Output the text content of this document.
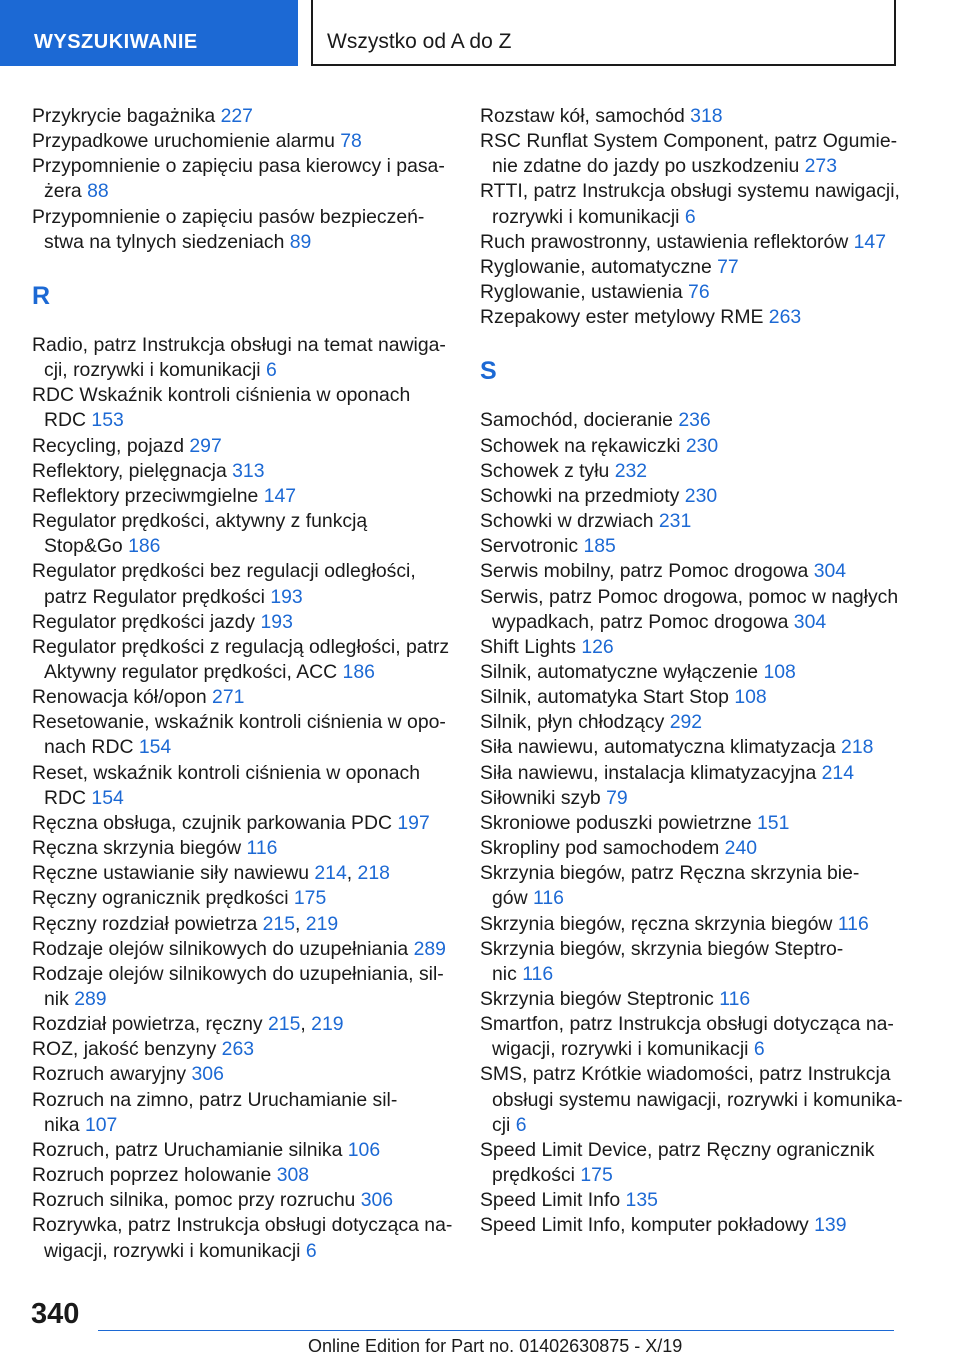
WYSZUKIWANIE	Wszystko od A do Z
Przykrycie bagażnika 227
Przypadkowe uruchomienie alarmu 78
Przypomnienie o zapięciu pasa kierowcy i pasa-
żera 88
Przypomnienie o zapięciu pasów bezpieczeń-
stwa na tylnych siedzeniach 89
R
Radio, patrz Instrukcja obsługi na temat nawiga-
cji, rozrywki i komunikacji 6
RDC Wskaźnik kontroli ciśnienia w oponach
RDC 153
Recycling, pojazd 297
Reflektory, pielęgnacja 313
Reflektory przeciwmgielne 147
Regulator prędkości, aktywny z funkcją
Stop&Go 186
Regulator prędkości bez regulacji odległości,
patrz Regulator prędkości 193
Regulator prędkości jazdy 193
Regulator prędkości z regulacją odległości, patrz
Aktywny regulator prędkości, ACC 186
Renowacja kół/opon 271
Resetowanie, wskaźnik kontroli ciśnienia w opo-
nach RDC 154
Reset, wskaźnik kontroli ciśnienia w oponach
RDC 154
Ręczna obsługa, czujnik parkowania PDC 197
Ręczna skrzynia biegów 116
Ręczne ustawianie siły nawiewu 214, 218
Ręczny ogranicznik prędkości 175
Ręczny rozdział powietrza 215, 219
Rodzaje olejów silnikowych do uzupełniania 289
Rodzaje olejów silnikowych do uzupełniania, sil-
nik 289
Rozdział powietrza, ręczny 215, 219
ROZ, jakość benzyny 263
Rozruch awaryjny 306
Rozruch na zimno, patrz Uruchamianie sil-
nika 107
Rozruch, patrz Uruchamianie silnika 106
Rozruch poprzez holowanie 308
Rozruch silnika, pomoc przy rozruchu 306
Rozrywka, patrz Instrukcja obsługi dotycząca na-
wigacji, rozrywki i komunikacji 6
Rozstaw kół, samochód 318
RSC Runflat System Component, patrz Ogumie-
nie zdatne do jazdy po uszkodzeniu 273
RTTI, patrz Instrukcja obsługi systemu nawigacji,
rozrywki i komunikacji 6
Ruch prawostronny, ustawienia reflektorów 147
Ryglowanie, automatyczne 77
Ryglowanie, ustawienia 76
Rzepakowy ester metylowy RME 263
S
Samochód, docieranie 236
Schowek na rękawiczki 230
Schowek z tyłu 232
Schowki na przedmioty 230
Schowki w drzwiach 231
Servotronic 185
Serwis mobilny, patrz Pomoc drogowa 304
Serwis, patrz Pomoc drogowa, pomoc w nagłych
wypadkach, patrz Pomoc drogowa 304
Shift Lights 126
Silnik, automatyczne wyłączenie 108
Silnik, automatyka Start Stop 108
Silnik, płyn chłodzący 292
Siła nawiewu, automatyczna klimatyzacja 218
Siła nawiewu, instalacja klimatyzacyjna 214
Siłowniki szyb 79
Skroniowe poduszki powietrzne 151
Skropliny pod samochodem 240
Skrzynia biegów, patrz Ręczna skrzynia bie-
gów 116
Skrzynia biegów, ręczna skrzynia biegów 116
Skrzynia biegów, skrzynia biegów Steptro-
nic 116
Skrzynia biegów Steptronic 116
Smartfon, patrz Instrukcja obsługi dotycząca na-
wigacji, rozrywki i komunikacji 6
SMS, patrz Krótkie wiadomości, patrz Instrukcja
obsługi systemu nawigacji, rozrywki i komunika-
cji 6
Speed Limit Device, patrz Ręczny ogranicznik
prędkości 175
Speed Limit Info 135
Speed Limit Info, komputer pokładowy 139
340
Online Edition for Part no. 01402630875 - X/19
